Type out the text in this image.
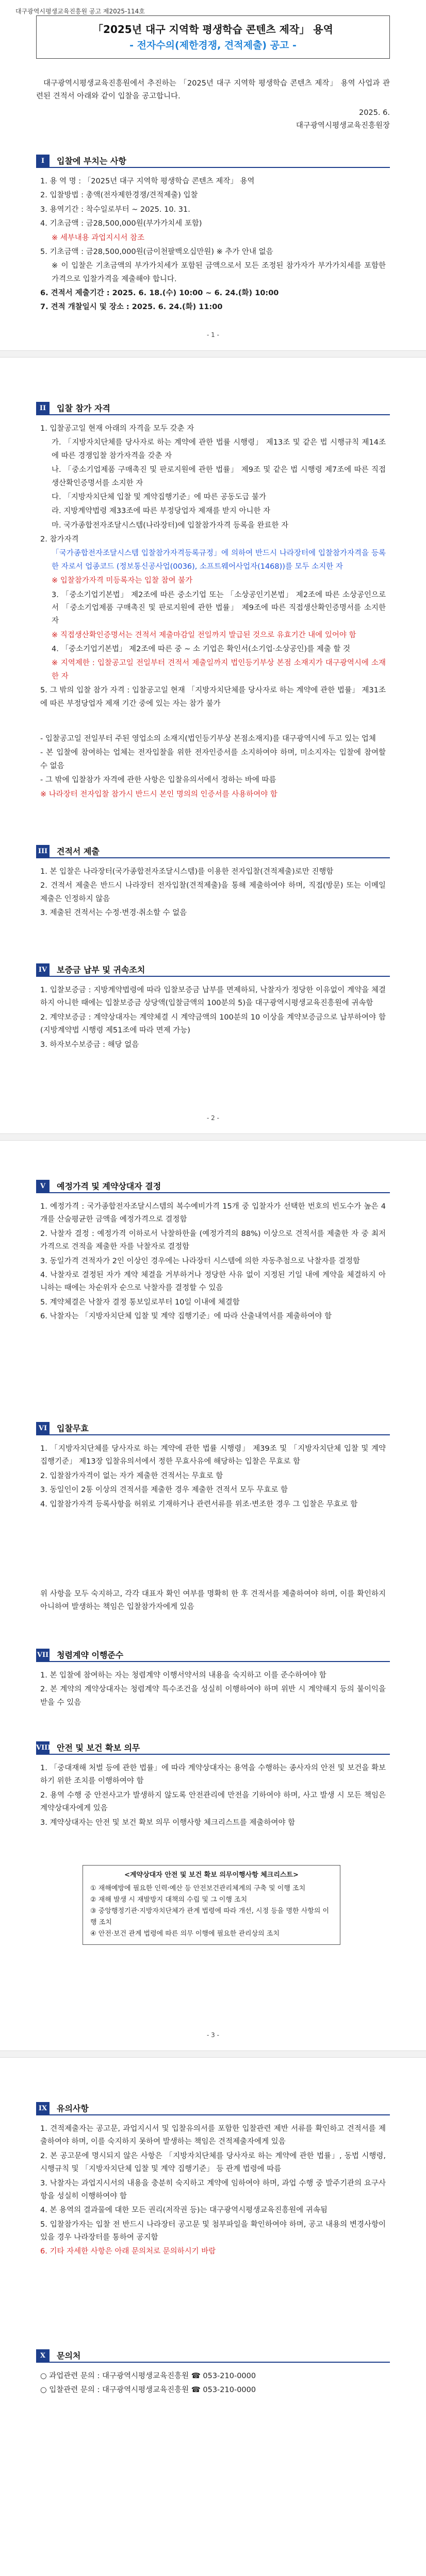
대구광역시평생교육진흥원 공고 제2025-114호
「2025년 대구 지역학 평생학습 콘텐츠 제작」 용역
- 전자수의(제한경쟁, 견적제출) 공고 -

대구광역시평생교육진흥원에서 추진하는 「2025년 대구 지역학 평생학습 콘텐츠 제작」 용역 사업과 관련된 견적서 아래와 같이 입찰을 공고합니다.

2025. 6.
대구광역시평생교육진흥원장
I	입찰에 부치는 사항
1. 용 역 명 : 「2025년 대구 지역학 평생학습 콘텐츠 제작」 용역
2. 입찰방법 : 총액(전자제한경쟁/견적제출) 입찰
3. 용역기간 : 착수일로부터 ~ 2025. 10. 31.
4. 기초금액 : 금28,500,000원(부가가치세 포함)
※ 세부내용 과업지시서 참조
5. 기초금액 : 금28,500,000원(금이천팔백오십만원) ※ 추가 안내 없음
※ 이 입찰은 기초금액의 부가가치세가 포함된 금액으로서 모든 조정된 참가자가 부가가치세를 포함한 가격으로 입찰가격을 제출해야 합니다.
6. 견적서 제출기간 : 2025. 6. 18.(수) 10:00 ~ 6. 24.(화) 10:00
7. 견적 개찰일시 및 장소 : 2025. 6. 24.(화) 11:00
- 1 -
II	입찰 참가 자격
1. 입찰공고일 현재 아래의 자격을 모두 갖춘 자
가. 「지방자치단체를 당사자로 하는 계약에 관한 법률 시행령」 제13조 및 같은 법 시행규칙 제14조에 따른 경쟁입찰 참가자격을 갖춘 자
나. 「중소기업제품 구매촉진 및 판로지원에 관한 법률」 제9조 및 같은 법 시행령 제7조에 따른 직접생산확인증명서를 소지한 자
다. 「지방자치단체 입찰 및 계약집행기준」에 따른 공동도급 불가
라. 지방계약법령 제33조에 따른 부정당업자 제재를 받지 아니한 자
마. 국가종합전자조달시스템(나라장터)에 입찰참가자격 등록을 완료한 자
2. 참가자격
「국가종합전자조달시스템 입찰참가자격등록규정」에 의하여 반드시 나라장터에 입찰참가자격을 등록한 자로서 업종코드 (정보통신공사업(0036), 소프트웨어사업자(1468))를 모두 소지한 자
※ 입찰참가자격 미등록자는 입찰 참여 불가
3. 「중소기업기본법」 제2조에 따른 중소기업 또는 「소상공인기본법」 제2조에 따른 소상공인으로서 「중소기업제품 구매촉진 및 판로지원에 관한 법률」 제9조에 따른 직접생산확인증명서를 소지한 자
※ 직접생산확인증명서는 견적서 제출마감일 전일까지 발급된 것으로 유효기간 내에 있어야 함
4. 「중소기업기본법」 제2조에 따른 중 ~ 소 기업은 확인서(소기업·소상공인)를 제출 할 것
※ 지역제한 : 입찰공고일 전일부터 견적서 제출일까지 법인등기부상 본점 소재지가 대구광역시에 소재한 자
5. 그 밖의 입찰 참가 자격 : 입찰공고일 현재 「지방자치단체를 당사자로 하는 계약에 관한 법률」 제31조에 따른 부정당업자 제재 기간 중에 있는 자는 참가 불가
- 입찰공고일 전일부터 주된 영업소의 소재지(법인등기부상 본점소재지)를 대구광역시에 두고 있는 업체
- 본 입찰에 참여하는 업체는 전자입찰을 위한 전자인증서를 소지하여야 하며, 미소지자는 입찰에 참여할 수 없음
- 그 밖에 입찰참가 자격에 관한 사항은 입찰유의서에서 정하는 바에 따름
※ 나라장터 전자입찰 참가시 반드시 본인 명의의 인증서를 사용하여야 함
III 견적서 제출
1. 본 입찰은 나라장터(국가종합전자조달시스템)를 이용한 전자입찰(견적제출)로만 진행함
2. 견적서 제출은 반드시 나라장터 전자입찰(견적제출)을 통해 제출하여야 하며, 직접(방문) 또는 이메일 제출은 인정하지 않음
3. 제출된 견적서는 수정·변경·취소할 수 없음
IV	보증금 납부 및 귀속조치
1. 입찰보증금 : 지방계약법령에 따라 입찰보증금 납부를 면제하되, 낙찰자가 정당한 이유없이 계약을 체결하지 아니한 때에는 입찰보증금 상당액(입찰금액의 100분의 5)을 대구광역시평생교육진흥원에 귀속함
2. 계약보증금 : 계약상대자는 계약체결 시 계약금액의 100분의 10 이상을 계약보증금으로 납부하여야 함 (지방계약법 시행령 제51조에 따라 면제 가능)
3. 하자보수보증금 : 해당 없음
- 2 -
V	예정가격 및 계약상대자 결정
1. 예정가격 : 국가종합전자조달시스템의 복수예비가격 15개 중 입찰자가 선택한 번호의 빈도수가 높은 4개를 산술평균한 금액을 예정가격으로 결정함
2. 낙찰자 결정 : 예정가격 이하로서 낙찰하한율 (예정가격의 88%) 이상으로 견적서를 제출한 자 중 최저가격으로 견적을 제출한 자를 낙찰자로 결정함
3. 동일가격 견적자가 2인 이상인 경우에는 나라장터 시스템에 의한 자동추첨으로 낙찰자를 결정함
4. 낙찰자로 결정된 자가 계약 체결을 거부하거나 정당한 사유 없이 지정된 기일 내에 계약을 체결하지 아니하는 때에는 차순위자 순으로 낙찰자를 결정할 수 있음
5. 계약체결은 낙찰자 결정 통보일로부터 10일 이내에 체결함
6. 낙찰자는 「지방자치단체 입찰 및 계약 집행기준」에 따라 산출내역서를 제출하여야 함
VI	입찰무효
1. 「지방자치단체를 당사자로 하는 계약에 관한 법률 시행령」 제39조 및 「지방자치단체 입찰 및 계약 집행기준」 제13장 입찰유의서에서 정한 무효사유에 해당하는 입찰은 무효로 함
2. 입찰참가자격이 없는 자가 제출한 견적서는 무효로 함
3. 동일인이 2통 이상의 견적서를 제출한 경우 제출한 견적서 모두 무효로 함
4. 입찰참가자격 등록사항을 허위로 기재하거나 관련서류를 위조·변조한 경우 그 입찰은 무효로 함
위 사항을 모두 숙지하고, 각각 대표자 확인 여부를 명확히 한 후 견적서를 제출하여야 하며, 이를 확인하지 아니하여 발생하는 책임은 입찰참가자에게 있음
VII 청렴계약 이행준수
1. 본 입찰에 참여하는 자는 청렴계약 이행서약서의 내용을 숙지하고 이를 준수하여야 함
2. 본 계약의 계약상대자는 청렴계약 특수조건을 성실히 이행하여야 하며 위반 시 계약해지 등의 불이익을 받을 수 있음
VIII 안전 및 보건 확보 의무
1. 「중대재해 처벌 등에 관한 법률」에 따라 계약상대자는 용역을 수행하는 종사자의 안전 및 보건을 확보하기 위한 조치를 이행하여야 함
2. 용역 수행 중 안전사고가 발생하지 않도록 안전관리에 만전을 기하여야 하며, 사고 발생 시 모든 책임은 계약상대자에게 있음
3. 계약상대자는 안전 및 보건 확보 의무 이행사항 체크리스트를 제출하여야 함
<계약상대자 안전 및 보건 확보 의무이행사항 체크리스트>
① 재해예방에 필요한 인력·예산 등 안전보건관리체계의 구축 및 이행 조치
② 재해 발생 시 재발방지 대책의 수립 및 그 이행 조치
③ 중앙행정기관·지방자치단체가 관계 법령에 따라 개선, 시정 등을 명한 사항의 이행 조치
④ 안전·보건 관계 법령에 따른 의무 이행에 필요한 관리상의 조치
- 3 -
IX	유의사항
1. 견적제출자는 공고문, 과업지시서 및 입찰유의서를 포함한 입찰관련 제반 서류를 확인하고 견적서를 제출하여야 하며, 이를 숙지하지 못하여 발생하는 책임은 견적제출자에게 있음
2. 본 공고문에 명시되지 않은 사항은 「지방자치단체를 당사자로 하는 계약에 관한 법률」, 동법 시행령, 시행규칙 및 「지방자치단체 입찰 및 계약 집행기준」 등 관계 법령에 따름
3. 낙찰자는 과업지시서의 내용을 충분히 숙지하고 계약에 임하여야 하며, 과업 수행 중 발주기관의 요구사항을 성실히 이행하여야 함
4. 본 용역의 결과물에 대한 모든 권리(저작권 등)는 대구광역시평생교육진흥원에 귀속됨
5. 입찰참가자는 입찰 전 반드시 나라장터 공고문 및 첨부파일을 확인하여야 하며, 공고 내용의 변경사항이 있을 경우 나라장터를 통하여 공지함
6. 기타 자세한 사항은 아래 문의처로 문의하시기 바람
X	문의처
○ 과업관련 문의 : 대구광역시평생교육진흥원 ☎ 053-210-0000
○ 입찰관련 문의 : 대구광역시평생교육진흥원 ☎ 053-210-0000
